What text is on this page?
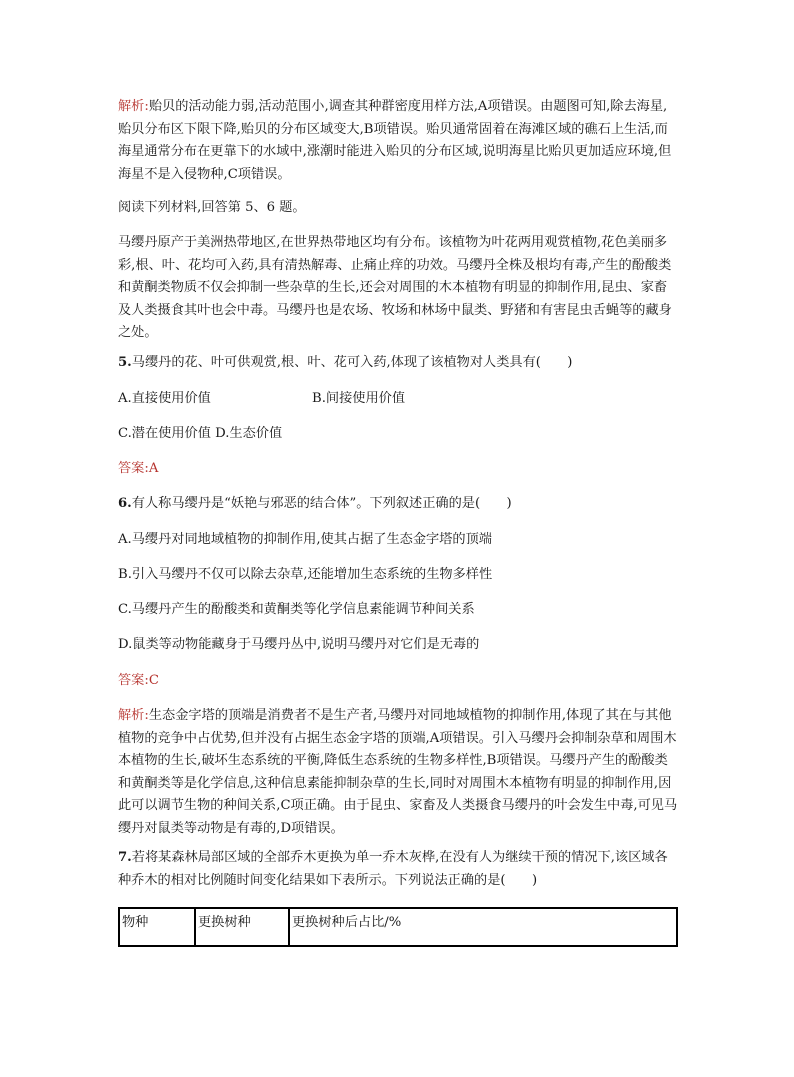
解析:贻贝的活动能力弱,活动范围小,调查其种群密度用样方法,A项错误。由题图可知,除去海星,贻贝分布区下限下降,贻贝的分布区域变大,B项错误。贻贝通常固着在海滩区域的礁石上生活,而海星通常分布在更靠下的水域中,涨潮时能进入贻贝的分布区域,说明海星比贻贝更加适应环境,但海星不是入侵物种,C项错误。

阅读下列材料,回答第 5、6 题。

马缨丹原产于美洲热带地区,在世界热带地区均有分布。该植物为叶花两用观赏植物,花色美丽多彩,根、叶、花均可入药,具有清热解毒、止痛止痒的功效。马缨丹全株及根均有毒,产生的酚酸类和黄酮类物质不仅会抑制一些杂草的生长,还会对周围的木本植物有明显的抑制作用,昆虫、家畜及人类摄食其叶也会中毒。马缨丹也是农场、牧场和林场中鼠类、野猪和有害昆虫舌蝇等的藏身之处。

5.马缨丹的花、叶可供观赏,根、叶、花可入药,体现了该植物对人类具有(　　)

A.直接使用价值	B.间接使用价值

C.潜在使用价值 D.生态价值

答案:A

6.有人称马缨丹是“妖艳与邪恶的结合体”。下列叙述正确的是(　　)

A.马缨丹对同地域植物的抑制作用,使其占据了生态金字塔的顶端

B.引入马缨丹不仅可以除去杂草,还能增加生态系统的生物多样性

C.马缨丹产生的酚酸类和黄酮类等化学信息素能调节种间关系

D.鼠类等动物能藏身于马缨丹丛中,说明马缨丹对它们是无毒的

答案:C

解析:生态金字塔的顶端是消费者不是生产者,马缨丹对同地域植物的抑制作用,体现了其在与其他植物的竞争中占优势,但并没有占据生态金字塔的顶端,A项错误。引入马缨丹会抑制杂草和周围木本植物的生长,破坏生态系统的平衡,降低生态系统的生物多样性,B项错误。马缨丹产生的酚酸类和黄酮类等是化学信息,这种信息素能抑制杂草的生长,同时对周围木本植物有明显的抑制作用,因此可以调节生物的种间关系,C项正确。由于昆虫、家畜及人类摄食马缨丹的叶会发生中毒,可见马缨丹对鼠类等动物是有毒的,D项错误。

7.若将某森林局部区域的全部乔木更换为单一乔木灰桦,在没有人为继续干预的情况下,该区域各种乔木的相对比例随时间变化结果如下表所示。下列说法正确的是(　　)

物种	更换树种	更换树种后占比/%
